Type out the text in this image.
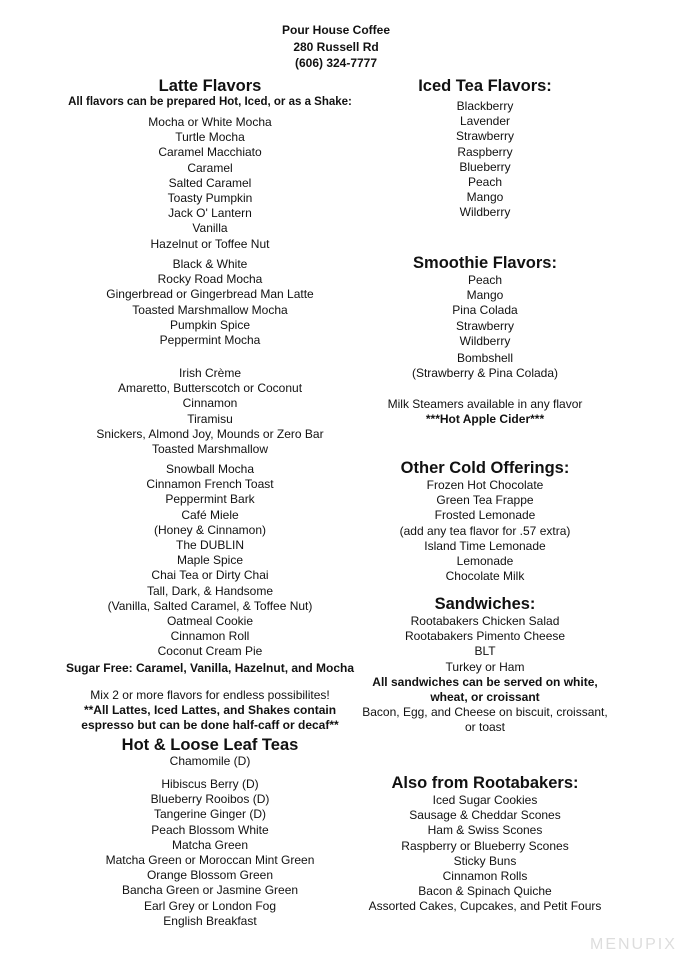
Pour House Coffee
280 Russell Rd
(606) 324-7777
Latte Flavors
All flavors can be prepared Hot, Iced, or as a Shake:
Mocha or White Mocha
Turtle Mocha
Caramel Macchiato
Caramel
Salted Caramel
Toasty Pumpkin
Jack O' Lantern
Vanilla
Hazelnut or Toffee Nut
Black & White
Rocky Road Mocha
Gingerbread or Gingerbread Man Latte
Toasted Marshmallow Mocha
Pumpkin Spice
Peppermint Mocha
Irish Crème
Amaretto, Butterscotch or Coconut
Cinnamon
Tiramisu
Snickers, Almond Joy, Mounds or Zero Bar
Toasted Marshmallow
Snowball Mocha
Cinnamon French Toast
Peppermint Bark
Café Miele
(Honey & Cinnamon)
The DUBLIN
Maple Spice
Chai Tea or Dirty Chai
Tall, Dark, & Handsome
(Vanilla, Salted Caramel, & Toffee Nut)
Oatmeal Cookie
Cinnamon Roll
Coconut Cream Pie
Sugar Free: Caramel, Vanilla, Hazelnut, and Mocha
Mix 2 or more flavors for endless possibilites!
**All Lattes, Iced Lattes, and Shakes contain
espresso but can be done half-caff or decaf**
Hot & Loose Leaf Teas
Chamomile (D)
Hibiscus Berry (D)
Blueberry Rooibos (D)
Tangerine Ginger (D)
Peach Blossom White
Matcha Green
Matcha Green or Moroccan Mint Green
Orange Blossom Green
Bancha Green or Jasmine Green
Earl Grey or London Fog
English Breakfast
Iced Tea Flavors:
Blackberry
Lavender
Strawberry
Raspberry
Blueberry
Peach
Mango
Wildberry
Smoothie Flavors:
Peach
Mango
Pina Colada
Strawberry
Wildberry
Bombshell
(Strawberry & Pina Colada)
Milk Steamers available in any flavor
***Hot Apple Cider***
Other Cold Offerings:
Frozen Hot Chocolate
Green Tea Frappe
Frosted Lemonade
(add any tea flavor for .57 extra)
Island Time Lemonade
Lemonade
Chocolate Milk
Sandwiches:
Rootabakers Chicken Salad
Rootabakers Pimento Cheese
BLT
Turkey or Ham
All sandwiches can be served on white,
wheat, or croissant
Bacon, Egg, and Cheese on biscuit, croissant,
or toast
Also from Rootabakers:
Iced Sugar Cookies
Sausage & Cheddar Scones
Ham & Swiss Scones
Raspberry or Blueberry Scones
Sticky Buns
Cinnamon Rolls
Bacon & Spinach Quiche
Assorted Cakes, Cupcakes, and Petit Fours
MENUPIX
